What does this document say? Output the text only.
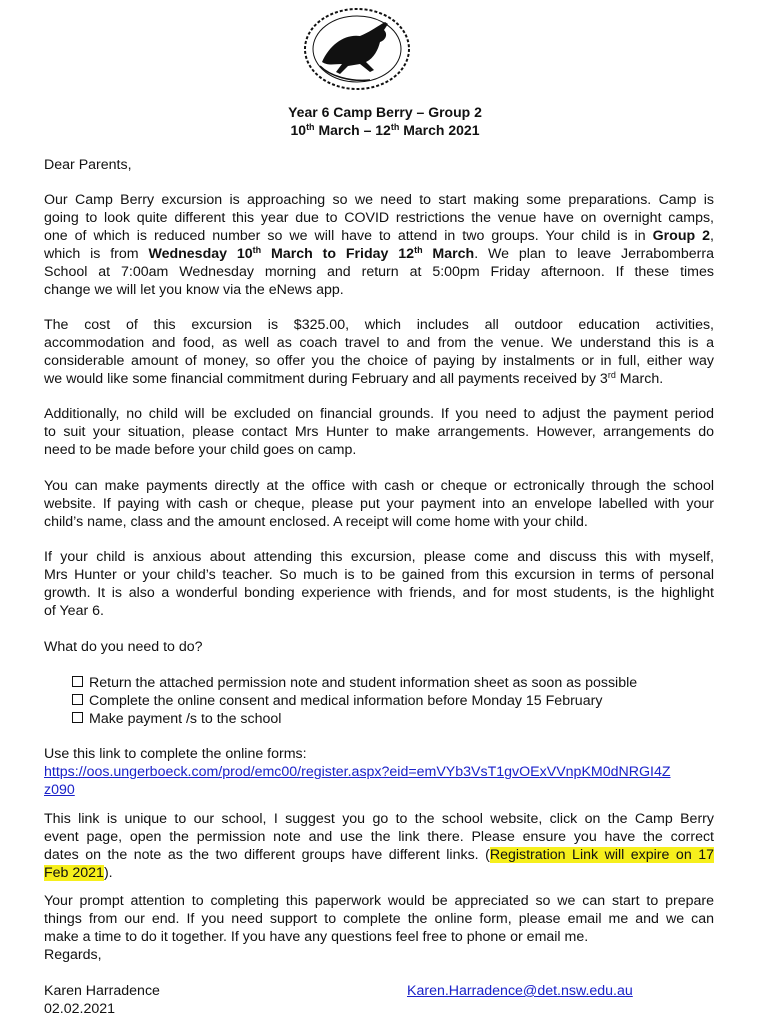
Year 6 Camp Berry – Group 2
10th March – 12th March 2021
Dear Parents,
Our Camp Berry excursion is approaching so we need to start making some preparations. Camp is
going to look quite different this year due to COVID restrictions the venue have on overnight camps,
one of which is reduced number so we will have to attend in two groups. Your child is in Group 2,
which is from Wednesday 10th March to Friday 12th March. We plan to leave Jerrabomberra
School at 7:00am Wednesday morning and return at 5:00pm Friday afternoon. If these times
change we will let you know via the eNews app.
The cost of this excursion is $325.00, which includes all outdoor education activities,
accommodation and food, as well as coach travel to and from the venue. We understand this is a
considerable amount of money, so offer you the choice of paying by instalments or in full, either way
we would like some financial commitment during February and all payments received by 3rd March.
Additionally, no child will be excluded on financial grounds. If you need to adjust the payment period
to suit your situation, please contact Mrs Hunter to make arrangements. However, arrangements do
need to be made before your child goes on camp.
You can make payments directly at the office with cash or cheque or ectronically through the school
website. If paying with cash or cheque, please put your payment into an envelope labelled with your
child’s name, class and the amount enclosed. A receipt will come home with your child.
If your child is anxious about attending this excursion, please come and discuss this with myself,
Mrs Hunter or your child’s teacher. So much is to be gained from this excursion in terms of personal
growth. It is also a wonderful bonding experience with friends, and for most students, is the highlight
of Year 6.
What do you need to do?
Return the attached permission note and student information sheet as soon as possible
Complete the online consent and medical information before Monday 15 February
Make payment /s to the school
Use this link to complete the online forms:
https://oos.ungerboeck.com/prod/emc00/register.aspx?eid=emVYb3VsT1gvOExVVnpKM0dNRGI4Z
z090
This link is unique to our school, I suggest you go to the school website, click on the Camp Berry
event page, open the permission note and use the link there. Please ensure you have the correct
dates on the note as the two different groups have different links. (Registration Link will expire on 17
Feb 2021).
Your prompt attention to completing this paperwork would be appreciated so we can start to prepare
things from our end. If you need support to complete the online form, please email me and we can
make a time to do it together. If you have any questions feel free to phone or email me.
Regards,
Karen Harradence
02.02.2021
Karen.Harradence@det.nsw.edu.au
